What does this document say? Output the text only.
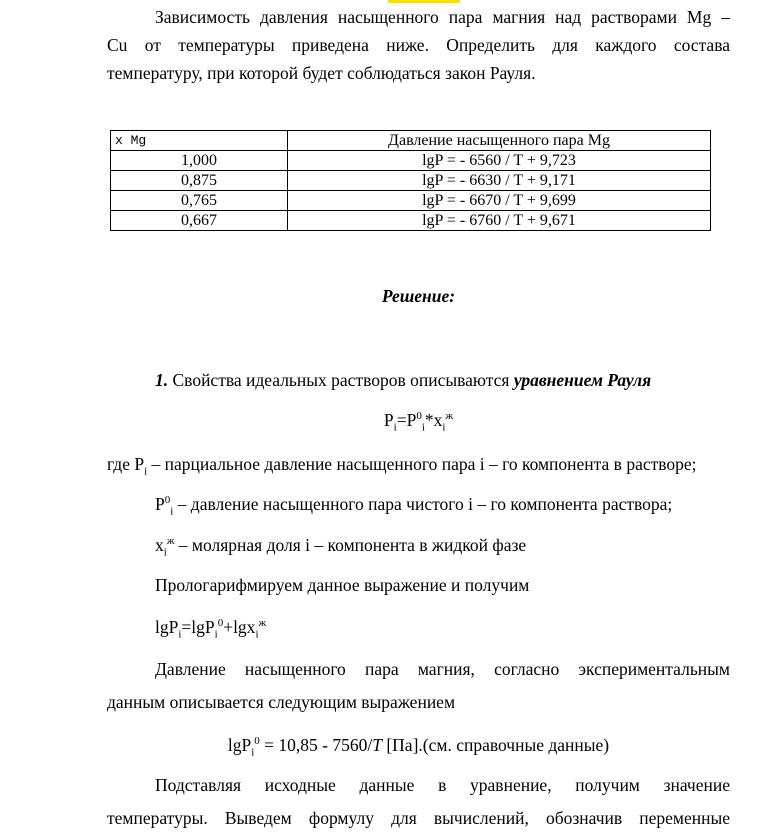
Зависимость давления насыщенного пара магния над растворами Mg –
Cu от температуры приведена ниже. Определить для каждого состава
температуру, при которой будет соблюдаться закон Рауля.
x Mg	Давление насыщенного пара Mg
1,000	lgP = - 6560 / T + 9,723
0,875	lgP = - 6630 / T + 9,171
0,765	lgP = - 6670 / T + 9,699
0,667	lgP = - 6760 / T + 9,671
Решение:
1. Свойства идеальных растворов описываются уравнением Рауля
$P_i=P^0_i*x_i^ж$
где $P_i$ – парциальное давление насыщенного пара i – го компонента в растворе;
$P^0_i$ – давление насыщенного пара чистого i – го компонента раствора;
$x_i^ж$ – молярная доля i – компонента в жидкой фазе
Прологарифмируем данное выражение и получим
lgP$_i$=lgP$_i^0$+lgx$_i^ж$
Давление насыщенного пара магния, согласно экспериментальным
данным описывается следующим выражением
lgP$_i^0$ = 10,85 - 7560/T [Па].(см. справочные данные)
Подставляя исходные данные в уравнение, получим значение
температуры. Выведем формулу для вычислений, обозначив переменные
